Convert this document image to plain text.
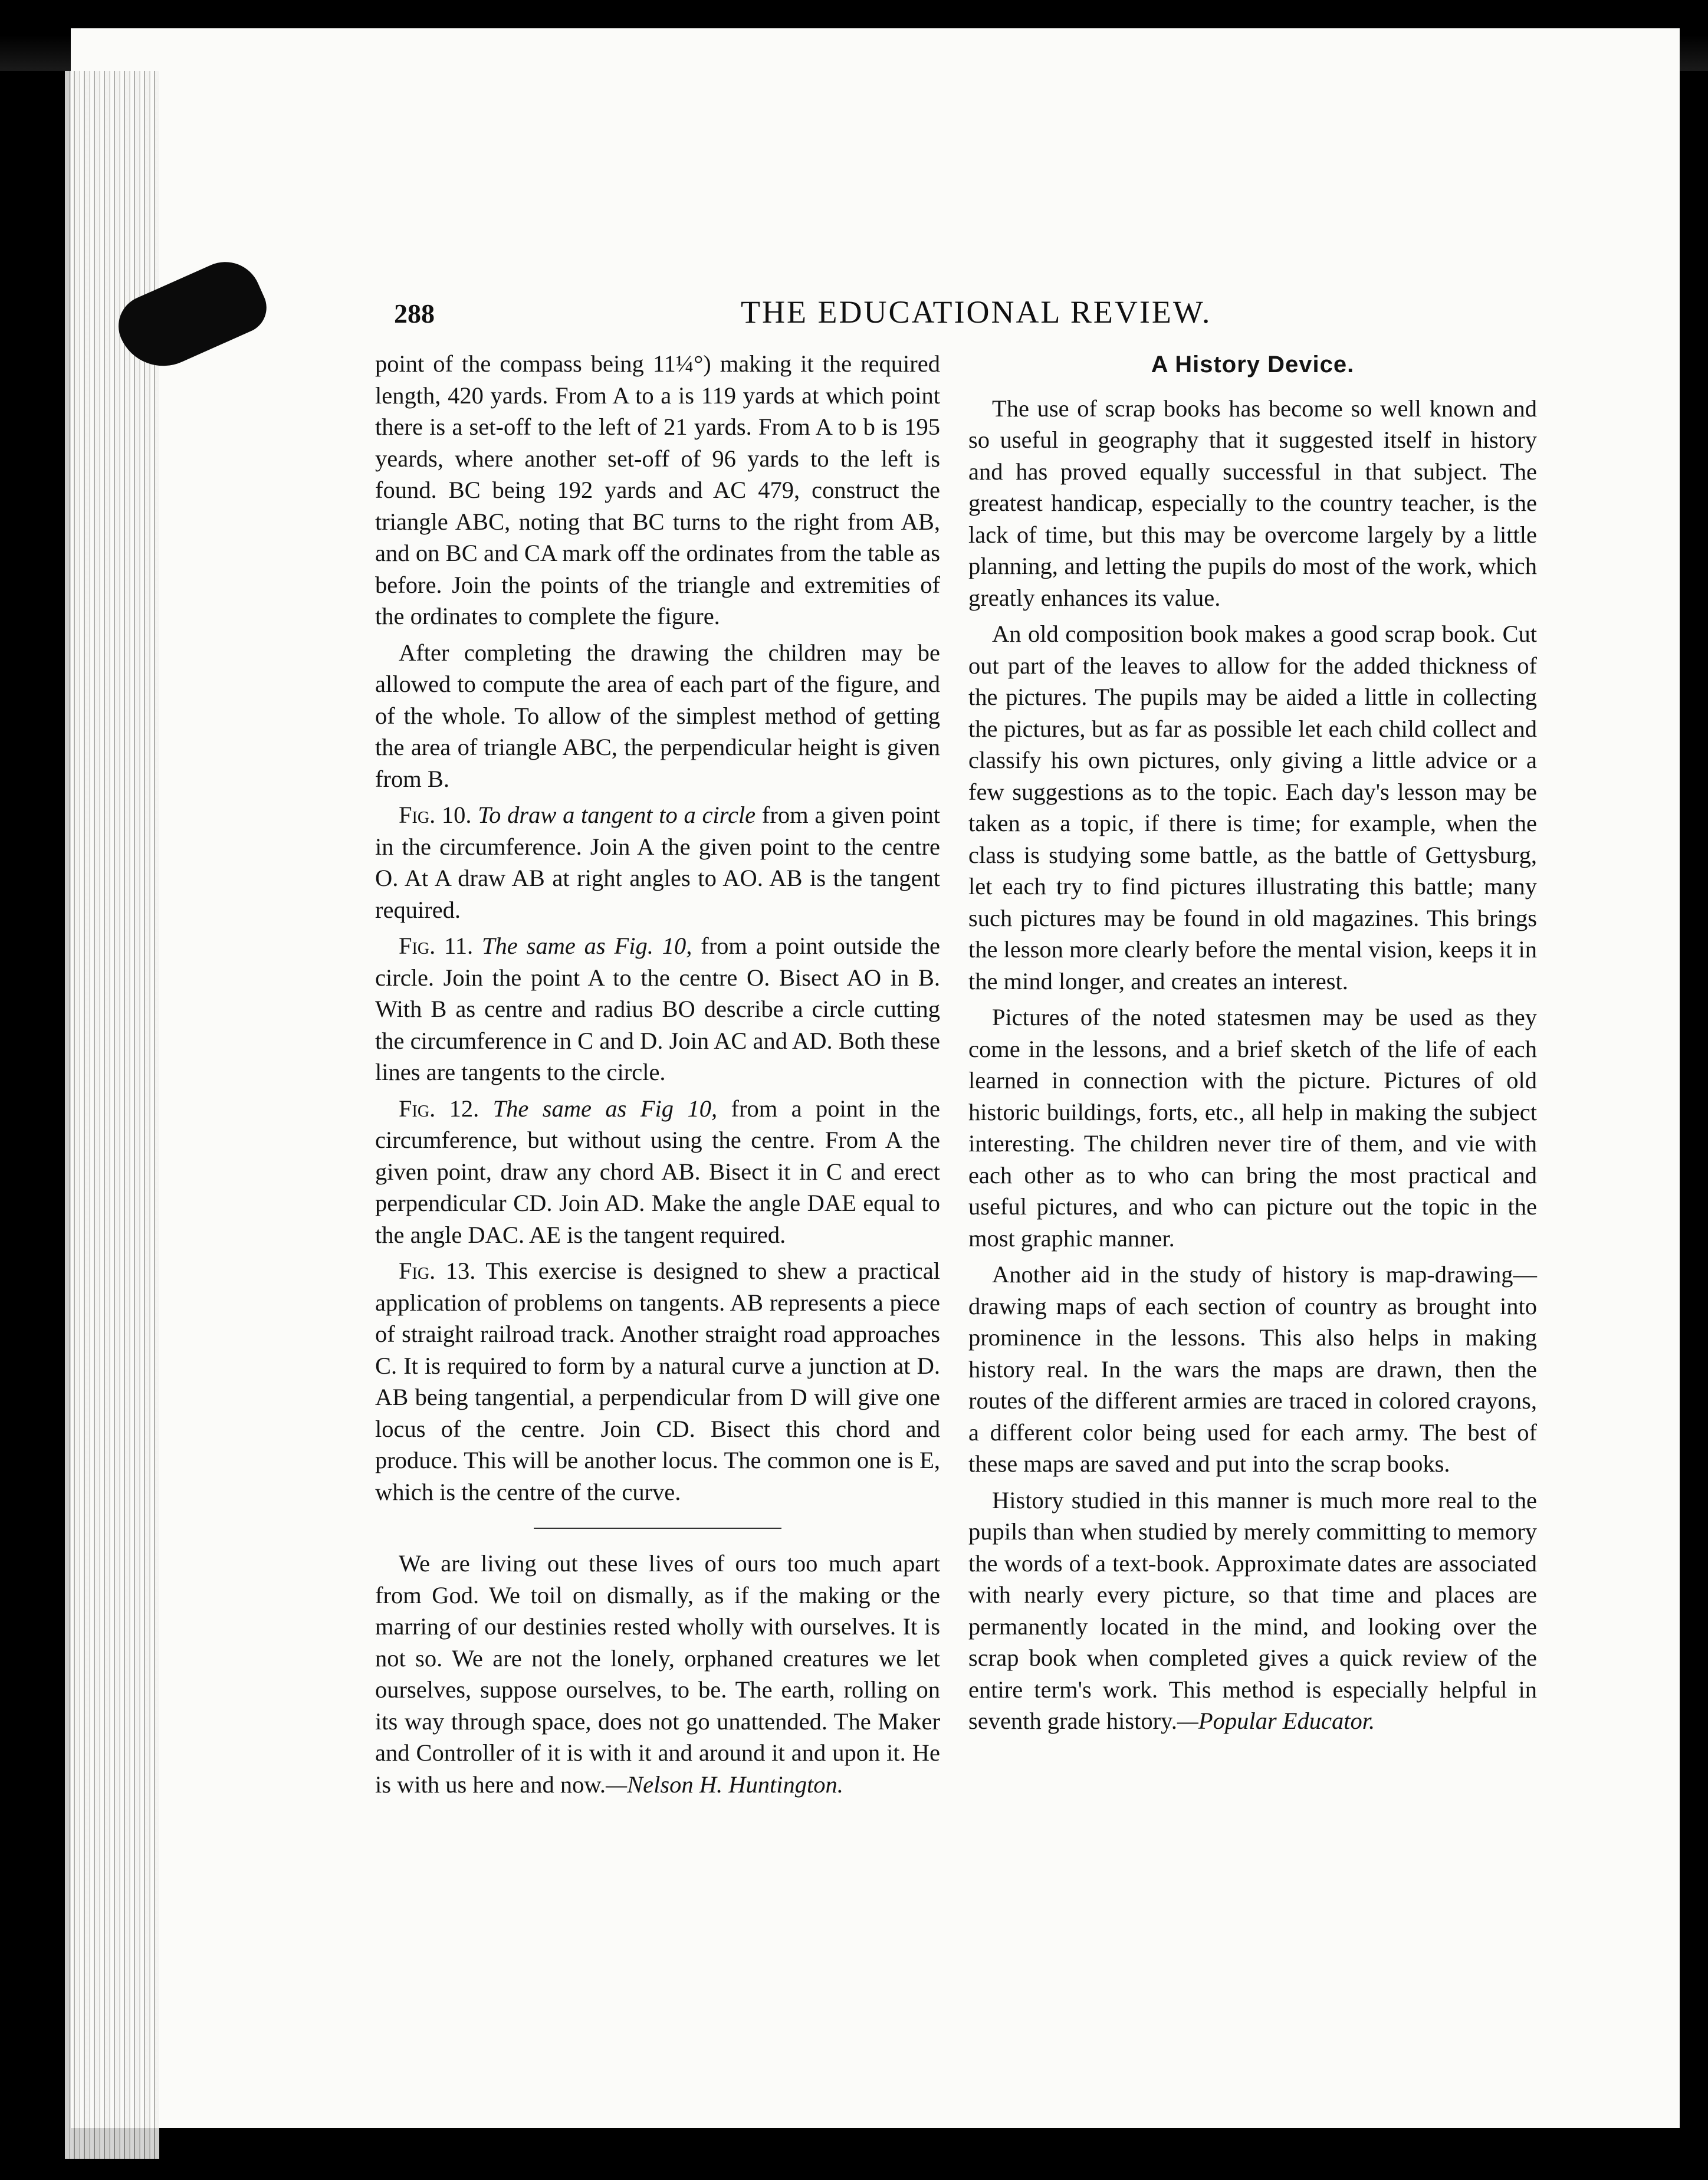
288	THE EDUCATIONAL REVIEW.

point of the compass being 11¼°) making it the required length, 420 yards. From A to a is 119 yards at which point there is a set-off to the left of 21 yards. From A to b is 195 yeards, where another set-off of 96 yards to the left is found. BC being 192 yards and AC 479, construct the triangle ABC, noting that BC turns to the right from AB, and on BC and CA mark off the ordinates from the table as before. Join the points of the triangle and extremities of the ordinates to complete the figure.

After completing the drawing the children may be allowed to compute the area of each part of the figure, and of the whole. To allow of the simplest method of getting the area of triangle ABC, the perpendicular height is given from B.

Fig. 10. To draw a tangent to a circle from a given point in the circumference. Join A the given point to the centre O. At A draw AB at right angles to AO. AB is the tangent required.

Fig. 11. The same as Fig. 10, from a point outside the circle. Join the point A to the centre O. Bisect AO in B. With B as centre and radius BO describe a circle cutting the circumference in C and D. Join AC and AD. Both these lines are tangents to the circle.

Fig. 12. The same as Fig 10, from a point in the circumference, but without using the centre. From A the given point, draw any chord AB. Bisect it in C and erect perpendicular CD. Join AD. Make the angle DAE equal to the angle DAC. AE is the tangent required.

Fig. 13. This exercise is designed to shew a practical application of problems on tangents. AB represents a piece of straight railroad track. Another straight road approaches C. It is required to form by a natural curve a junction at D. AB being tangential, a perpendicular from D will give one locus of the centre. Join CD. Bisect this chord and produce. This will be another locus. The common one is E, which is the centre of the curve.

We are living out these lives of ours too much apart from God. We toil on dismally, as if the making or the marring of our destinies rested wholly with ourselves. It is not so. We are not the lonely, orphaned creatures we let ourselves, suppose ourselves, to be. The earth, rolling on its way through space, does not go unattended. The Maker and Controller of it is with it and around it and upon it. He is with us here and now.—Nelson H. Huntington.

A History Device.

The use of scrap books has become so well known and so useful in geography that it suggested itself in history and has proved equally successful in that subject. The greatest handicap, especially to the country teacher, is the lack of time, but this may be overcome largely by a little planning, and letting the pupils do most of the work, which greatly enhances its value.

An old composition book makes a good scrap book. Cut out part of the leaves to allow for the added thickness of the pictures. The pupils may be aided a little in collecting the pictures, but as far as possible let each child collect and classify his own pictures, only giving a little advice or a few suggestions as to the topic. Each day's lesson may be taken as a topic, if there is time; for example, when the class is studying some battle, as the battle of Gettysburg, let each try to find pictures illustrating this battle; many such pictures may be found in old magazines. This brings the lesson more clearly before the mental vision, keeps it in the mind longer, and creates an interest.

Pictures of the noted statesmen may be used as they come in the lessons, and a brief sketch of the life of each learned in connection with the picture. Pictures of old historic buildings, forts, etc., all help in making the subject interesting. The children never tire of them, and vie with each other as to who can bring the most practical and useful pictures, and who can picture out the topic in the most graphic manner.

Another aid in the study of history is map-drawing—drawing maps of each section of country as brought into prominence in the lessons. This also helps in making history real. In the wars the maps are drawn, then the routes of the different armies are traced in colored crayons, a different color being used for each army. The best of these maps are saved and put into the scrap books.

History studied in this manner is much more real to the pupils than when studied by merely committing to memory the words of a text-book. Approximate dates are associated with nearly every picture, so that time and places are permanently located in the mind, and looking over the scrap book when completed gives a quick review of the entire term's work. This method is especially helpful in seventh grade history.—Popular Educator.
